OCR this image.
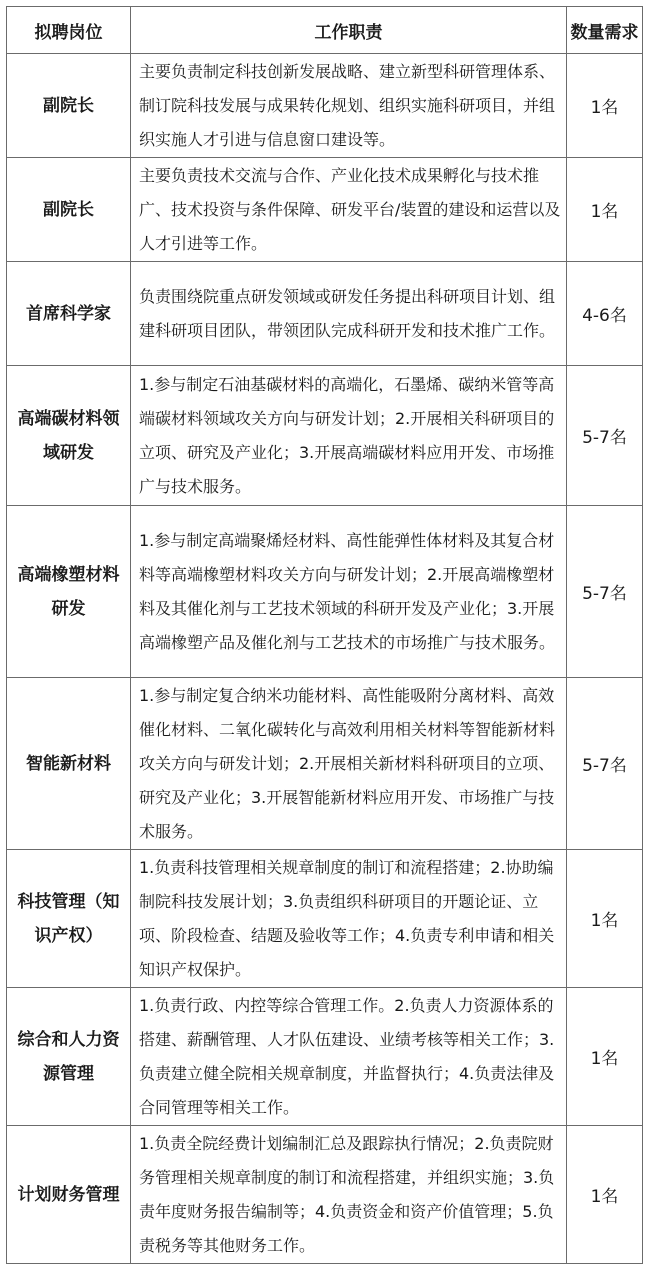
拟聘岗位	工作职责	数量需求
副院长	主要负责制定科技创新发展战略、建立新型科研管理体系、制订院科技发展与成果转化规划、组织实施科研项目，并组织实施人才引进与信息窗口建设等。	1名
副院长	主要负责技术交流与合作、产业化技术成果孵化与技术推广、技术投资与条件保障、研发平台/装置的建设和运营以及人才引进等工作。	1名
首席科学家	负责围绕院重点研发领域或研发任务提出科研项目计划、组建科研项目团队，带领团队完成科研开发和技术推广工作。	4-6名
高端碳材料领域研发	1.参与制定石油基碳材料的高端化，石墨烯、碳纳米管等高端碳材料领域攻关方向与研发计划；2.开展相关科研项目的立项、研究及产业化；3.开展高端碳材料应用开发、市场推广与技术服务。	5-7名
高端橡塑材料研发	1.参与制定高端聚烯烃材料、高性能弹性体材料及其复合材料等高端橡塑材料攻关方向与研发计划；2.开展高端橡塑材料及其催化剂与工艺技术领域的科研开发及产业化；3.开展高端橡塑产品及催化剂与工艺技术的市场推广与技术服务。	5-7名
智能新材料	1.参与制定复合纳米功能材料、高性能吸附分离材料、高效催化材料、二氧化碳转化与高效利用相关材料等智能新材料攻关方向与研发计划；2.开展相关新材料科研项目的立项、研究及产业化；3.开展智能新材料应用开发、市场推广与技术服务。	5-7名
科技管理（知识产权）	1.负责科技管理相关规章制度的制订和流程搭建；2.协助编制院科技发展计划；3.负责组织科研项目的开题论证、立项、阶段检查、结题及验收等工作；4.负责专利申请和相关知识产权保护。	1名
综合和人力资源管理	1.负责行政、内控等综合管理工作。2.负责人力资源体系的搭建、薪酬管理、人才队伍建设、业绩考核等相关工作；3.负责建立健全院相关规章制度，并监督执行；4.负责法律及合同管理等相关工作。	1名
计划财务管理	1.负责全院经费计划编制汇总及跟踪执行情况；2.负责院财务管理相关规章制度的制订和流程搭建，并组织实施；3.负责年度财务报告编制等；4.负责资金和资产价值管理；5.负责税务等其他财务工作。	1名
